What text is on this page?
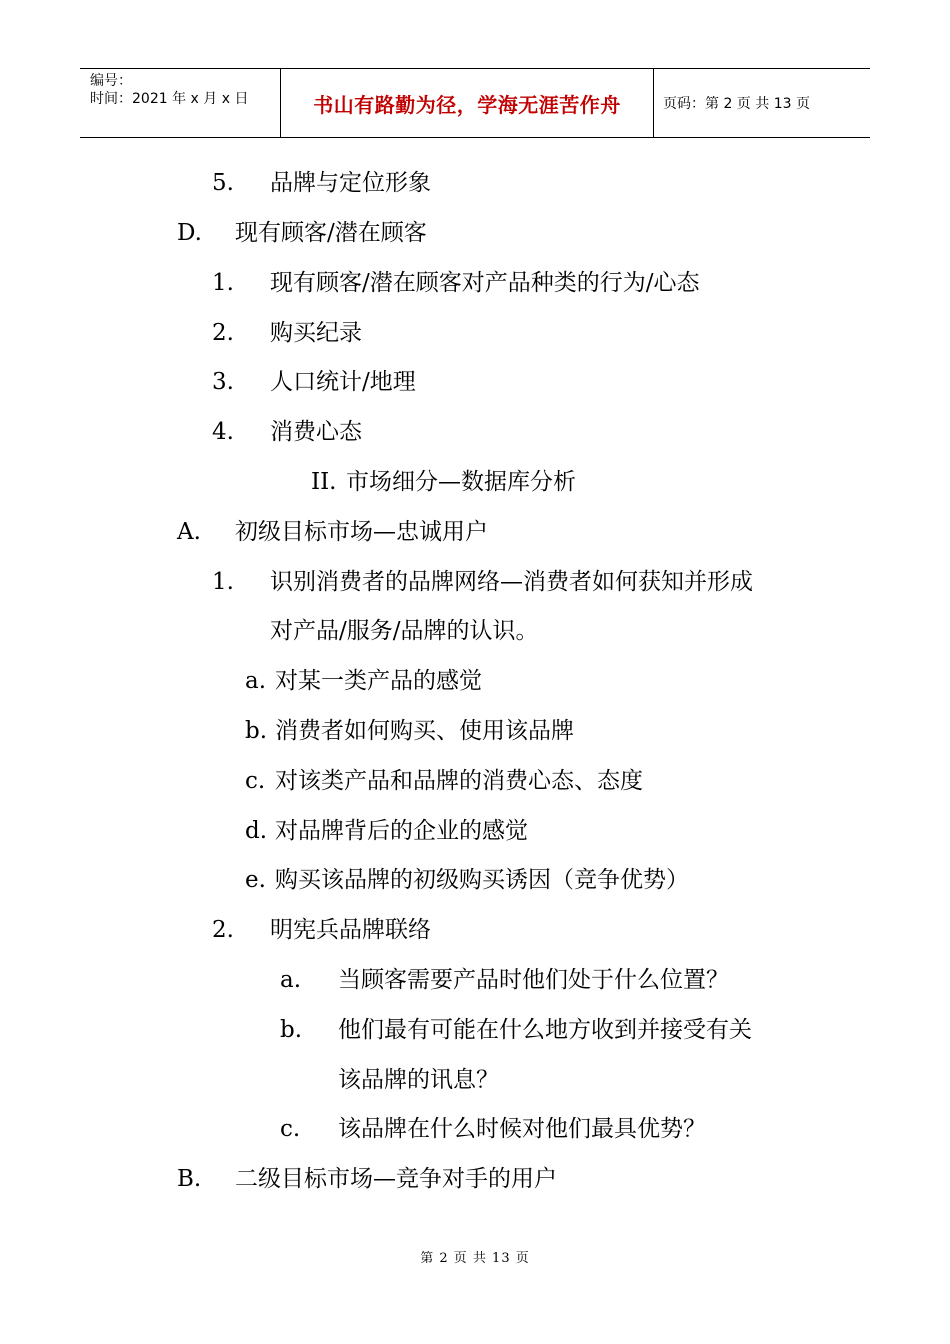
编号：
时间：2021 年 x 月 x 日	书山有路勤为径，学海无涯苦作舟	页码：第 2 页 共 13 页
5. 品牌与定位形象
D. 现有顾客/潜在顾客
1. 现有顾客/潜在顾客对产品种类的行为/心态
2. 购买纪录
3. 人口统计/地理
4. 消费心态
II. 市场细分—数据库分析
A. 初级目标市场—忠诚用户
1. 识别消费者的品牌网络—消费者如何获知并形成
对产品/服务/品牌的认识。
a. 对某一类产品的感觉
b. 消费者如何购买、使用该品牌
c. 对该类产品和品牌的消费心态、态度
d. 对品牌背后的企业的感觉
e. 购买该品牌的初级购买诱因（竞争优势）
2. 明宪兵品牌联络
a. 当顾客需要产品时他们处于什么位置？
b. 他们最有可能在什么地方收到并接受有关
该品牌的讯息？
c. 该品牌在什么时候对他们最具优势？
B. 二级目标市场—竞争对手的用户
第 2 页 共 13 页
